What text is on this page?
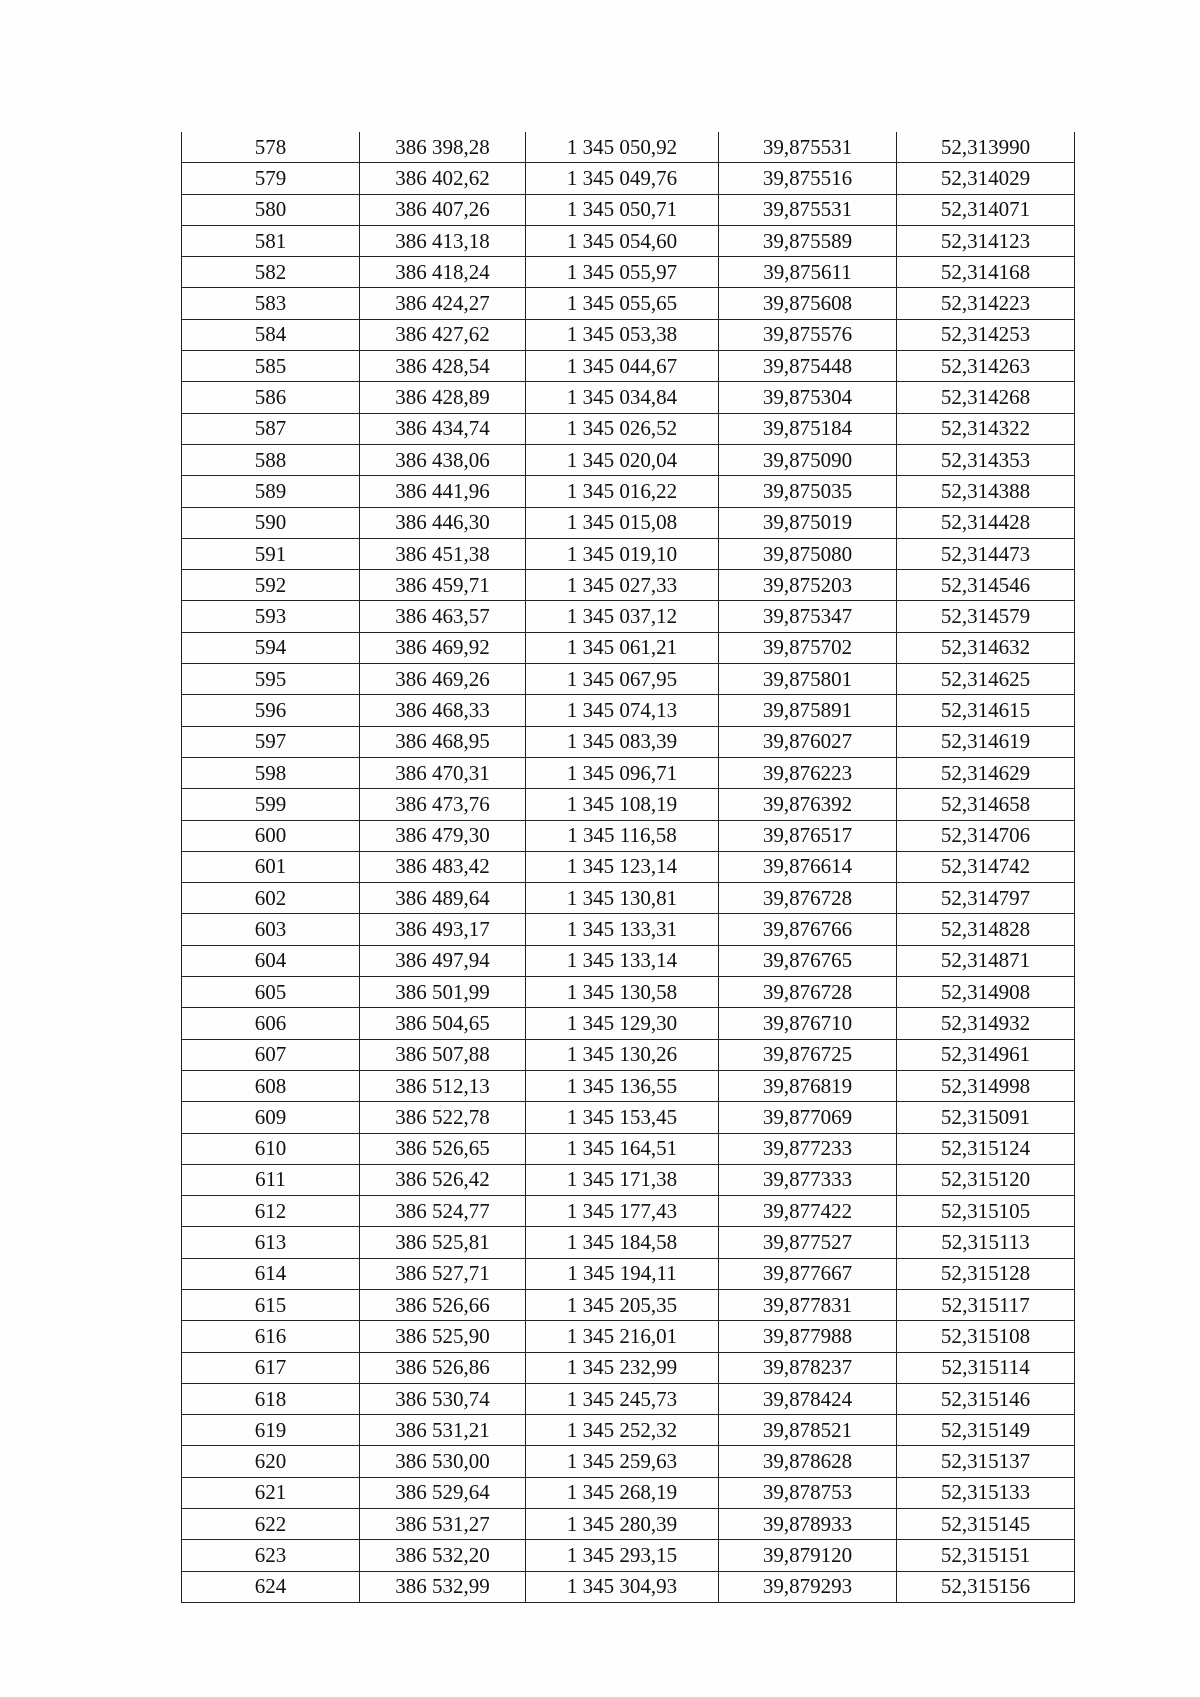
578	386 398,28	1 345 050,92	39,875531	52,313990
579	386 402,62	1 345 049,76	39,875516	52,314029
580	386 407,26	1 345 050,71	39,875531	52,314071
581	386 413,18	1 345 054,60	39,875589	52,314123
582	386 418,24	1 345 055,97	39,875611	52,314168
583	386 424,27	1 345 055,65	39,875608	52,314223
584	386 427,62	1 345 053,38	39,875576	52,314253
585	386 428,54	1 345 044,67	39,875448	52,314263
586	386 428,89	1 345 034,84	39,875304	52,314268
587	386 434,74	1 345 026,52	39,875184	52,314322
588	386 438,06	1 345 020,04	39,875090	52,314353
589	386 441,96	1 345 016,22	39,875035	52,314388
590	386 446,30	1 345 015,08	39,875019	52,314428
591	386 451,38	1 345 019,10	39,875080	52,314473
592	386 459,71	1 345 027,33	39,875203	52,314546
593	386 463,57	1 345 037,12	39,875347	52,314579
594	386 469,92	1 345 061,21	39,875702	52,314632
595	386 469,26	1 345 067,95	39,875801	52,314625
596	386 468,33	1 345 074,13	39,875891	52,314615
597	386 468,95	1 345 083,39	39,876027	52,314619
598	386 470,31	1 345 096,71	39,876223	52,314629
599	386 473,76	1 345 108,19	39,876392	52,314658
600	386 479,30	1 345 116,58	39,876517	52,314706
601	386 483,42	1 345 123,14	39,876614	52,314742
602	386 489,64	1 345 130,81	39,876728	52,314797
603	386 493,17	1 345 133,31	39,876766	52,314828
604	386 497,94	1 345 133,14	39,876765	52,314871
605	386 501,99	1 345 130,58	39,876728	52,314908
606	386 504,65	1 345 129,30	39,876710	52,314932
607	386 507,88	1 345 130,26	39,876725	52,314961
608	386 512,13	1 345 136,55	39,876819	52,314998
609	386 522,78	1 345 153,45	39,877069	52,315091
610	386 526,65	1 345 164,51	39,877233	52,315124
611	386 526,42	1 345 171,38	39,877333	52,315120
612	386 524,77	1 345 177,43	39,877422	52,315105
613	386 525,81	1 345 184,58	39,877527	52,315113
614	386 527,71	1 345 194,11	39,877667	52,315128
615	386 526,66	1 345 205,35	39,877831	52,315117
616	386 525,90	1 345 216,01	39,877988	52,315108
617	386 526,86	1 345 232,99	39,878237	52,315114
618	386 530,74	1 345 245,73	39,878424	52,315146
619	386 531,21	1 345 252,32	39,878521	52,315149
620	386 530,00	1 345 259,63	39,878628	52,315137
621	386 529,64	1 345 268,19	39,878753	52,315133
622	386 531,27	1 345 280,39	39,878933	52,315145
623	386 532,20	1 345 293,15	39,879120	52,315151
624	386 532,99	1 345 304,93	39,879293	52,315156
